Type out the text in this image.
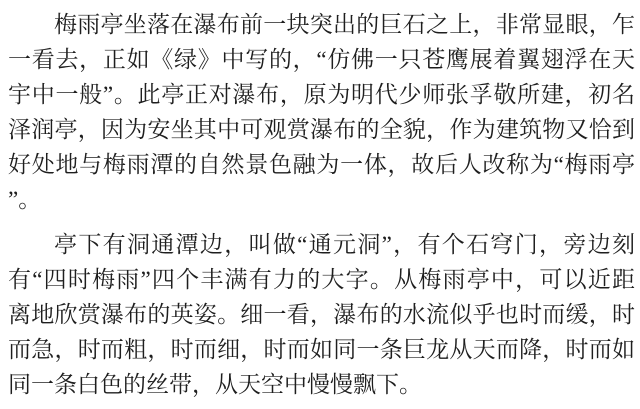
梅雨亭坐落在瀑布前一块突出的巨石之上，非常显眼，乍
一看去，正如《绿》中写的，“仿佛一只苍鹰展着翼翅浮在天
宇中一般”。此亭正对瀑布，原为明代少师张孚敬所建，初名
泽润亭，因为安坐其中可观赏瀑布的全貌，作为建筑物又恰到
好处地与梅雨潭的自然景色融为一体，故后人改称为“梅雨亭
”。
亭下有洞通潭边，叫做“通元洞”，有个石穹门，旁边刻
有“四时梅雨”四个丰满有力的大字。从梅雨亭中，可以近距
离地欣赏瀑布的英姿。细一看，瀑布的水流似乎也时而缓，时
而急，时而粗，时而细，时而如同一条巨龙从天而降，时而如
同一条白色的丝带，从天空中慢慢飘下。
